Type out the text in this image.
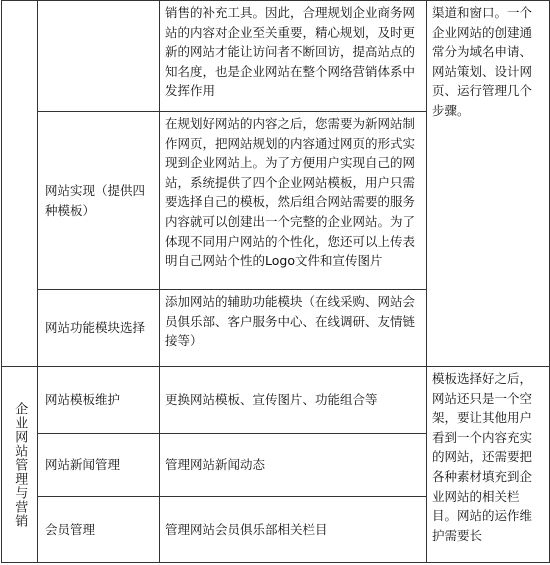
		销售的补充工具。因此，合理规划企业商务网站的内容对企业至关重要，精心规划，及时更新的网站才能让访问者不断回访，提高站点的知名度，也是企业网站在整个网络营销体系中发挥作用	渠道和窗口。一个企业网站的创建通常分为域名申请、网站策划、设计网页、运行管理几个步骤。
	网站实现（提供四种模板）	在规划好网站的内容之后，您需要为新网站制作网页，把网站规划的内容通过网页的形式实现到企业网站上。为了方便用户实现自己的网站，系统提供了四个企业网站模板，用户只需要选择自己的模板，然后组合网站需要的服务内容就可以创建出一个完整的企业网站。为了体现不同用户网站的个性化，您还可以上传表明自己网站个性的Logo文件和宣传图片	
	网站功能模块选择	添加网站的辅助功能模块（在线采购、网站会员俱乐部、客户服务中心、在线调研、友情链接等）	

企业网站管理与营销	网站模板维护	更换网站模板、宣传图片、功能组合等	模板选择好之后，网站还只是一个空架，要让其他用户看到一个内容充实的网站，还需要把各种素材填充到企业网站的相关栏目。网站的运作维护需要长
	网站新闻管理	管理网站新闻动态	
	会员管理	管理网站会员俱乐部相关栏目	
